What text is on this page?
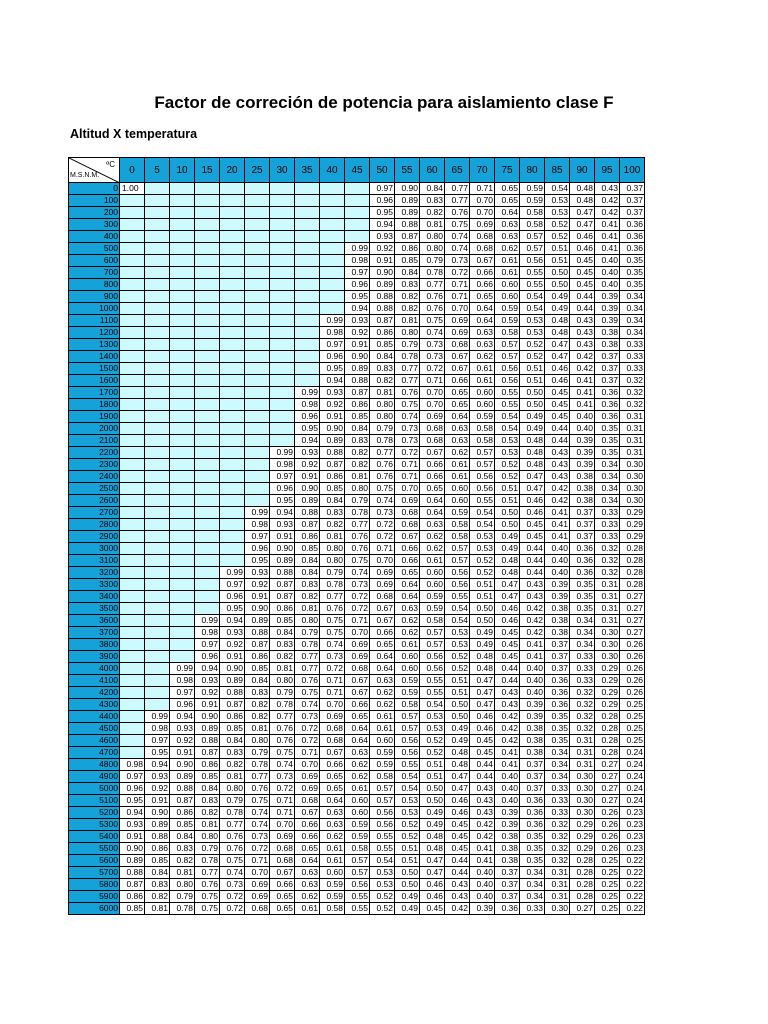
Factor de correción de potencia para aislamiento clase F
Altitud X temperatura
ºC
M.S.N.M.	0	5	10	15	20	25	30	35	40	45	50	55	60	65	70	75	80	85	90	95	100
0	1.00										0.97	0.90	0.84	0.77	0.71	0.65	0.59	0.54	0.48	0.43	0.37
100											0.96	0.89	0.83	0.77	0.70	0.65	0.59	0.53	0.48	0.42	0.37
200											0.95	0.89	0.82	0.76	0.70	0.64	0.58	0.53	0.47	0.42	0.37
300											0.94	0.88	0.81	0.75	0.69	0.63	0.58	0.52	0.47	0.41	0.36
400											0.93	0.87	0.80	0.74	0.68	0.63	0.57	0.52	0.46	0.41	0.36
500										0.99	0.92	0.86	0.80	0.74	0.68	0.62	0.57	0.51	0.46	0.41	0.36
600										0.98	0.91	0.85	0.79	0.73	0.67	0.61	0.56	0.51	0.45	0.40	0.35
700										0.97	0.90	0.84	0.78	0.72	0.66	0.61	0.55	0.50	0.45	0.40	0.35
800										0.96	0.89	0.83	0.77	0.71	0.66	0.60	0.55	0.50	0.45	0.40	0.35
900										0.95	0.88	0.82	0.76	0.71	0.65	0.60	0.54	0.49	0.44	0.39	0.34
1000										0.94	0.88	0.82	0.76	0.70	0.64	0.59	0.54	0.49	0.44	0.39	0.34
1100									0.99	0.93	0.87	0.81	0.75	0.69	0.64	0.59	0.53	0.48	0.43	0.39	0.34
1200									0.98	0.92	0.86	0.80	0.74	0.69	0.63	0.58	0.53	0.48	0.43	0.38	0.34
1300									0.97	0.91	0.85	0.79	0.73	0.68	0.63	0.57	0.52	0.47	0.43	0.38	0.33
1400									0.96	0.90	0.84	0.78	0.73	0.67	0.62	0.57	0.52	0.47	0.42	0.37	0.33
1500									0.95	0.89	0.83	0.77	0.72	0.67	0.61	0.56	0.51	0.46	0.42	0.37	0.33
1600									0.94	0.88	0.82	0.77	0.71	0.66	0.61	0.56	0.51	0.46	0.41	0.37	0.32
1700								0.99	0.93	0.87	0.81	0.76	0.70	0.65	0.60	0.55	0.50	0.45	0.41	0.36	0.32
1800								0.98	0.92	0.86	0.80	0.75	0.70	0.65	0.60	0.55	0.50	0.45	0.41	0.36	0.32
1900								0.96	0.91	0.85	0.80	0.74	0.69	0.64	0.59	0.54	0.49	0.45	0.40	0.36	0.31
2000								0.95	0.90	0.84	0.79	0.73	0.68	0.63	0.58	0.54	0.49	0.44	0.40	0.35	0.31
2100								0.94	0.89	0.83	0.78	0.73	0.68	0.63	0.58	0.53	0.48	0.44	0.39	0.35	0.31
2200							0.99	0.93	0.88	0.82	0.77	0.72	0.67	0.62	0.57	0.53	0.48	0.43	0.39	0.35	0.31
2300							0.98	0.92	0.87	0.82	0.76	0.71	0.66	0.61	0.57	0.52	0.48	0.43	0.39	0.34	0.30
2400							0.97	0.91	0.86	0.81	0.76	0.71	0.66	0.61	0.56	0.52	0.47	0.43	0.38	0.34	0.30
2500							0.96	0.90	0.85	0.80	0.75	0.70	0.65	0.60	0.56	0.51	0.47	0.42	0.38	0.34	0.30
2600							0.95	0.89	0.84	0.79	0.74	0.69	0.64	0.60	0.55	0.51	0.46	0.42	0.38	0.34	0.30
2700						0.99	0.94	0.88	0.83	0.78	0.73	0.68	0.64	0.59	0.54	0.50	0.46	0.41	0.37	0.33	0.29
2800						0.98	0.93	0.87	0.82	0.77	0.72	0.68	0.63	0.58	0.54	0.50	0.45	0.41	0.37	0.33	0.29
2900						0.97	0.91	0.86	0.81	0.76	0.72	0.67	0.62	0.58	0.53	0.49	0.45	0.41	0.37	0.33	0.29
3000						0.96	0.90	0.85	0.80	0.76	0.71	0.66	0.62	0.57	0.53	0.49	0.44	0.40	0.36	0.32	0.28
3100						0.95	0.89	0.84	0.80	0.75	0.70	0.66	0.61	0.57	0.52	0.48	0.44	0.40	0.36	0.32	0.28
3200					0.99	0.93	0.88	0.84	0.79	0.74	0.69	0.65	0.60	0.56	0.52	0.48	0.44	0.40	0.36	0.32	0.28
3300					0.97	0.92	0.87	0.83	0.78	0.73	0.69	0.64	0.60	0.56	0.51	0.47	0.43	0.39	0.35	0.31	0.28
3400					0.96	0.91	0.87	0.82	0.77	0.72	0.68	0.64	0.59	0.55	0.51	0.47	0.43	0.39	0.35	0.31	0.27
3500					0.95	0.90	0.86	0.81	0.76	0.72	0.67	0.63	0.59	0.54	0.50	0.46	0.42	0.38	0.35	0.31	0.27
3600				0.99	0.94	0.89	0.85	0.80	0.75	0.71	0.67	0.62	0.58	0.54	0.50	0.46	0.42	0.38	0.34	0.31	0.27
3700				0.98	0.93	0.88	0.84	0.79	0.75	0.70	0.66	0.62	0.57	0.53	0.49	0.45	0.42	0.38	0.34	0.30	0.27
3800				0.97	0.92	0.87	0.83	0.78	0.74	0.69	0.65	0.61	0.57	0.53	0.49	0.45	0.41	0.37	0.34	0.30	0.26
3900				0.96	0.91	0.86	0.82	0.77	0.73	0.69	0.64	0.60	0.56	0.52	0.48	0.45	0.41	0.37	0.33	0.30	0.26
4000			0.99	0.94	0.90	0.85	0.81	0.77	0.72	0.68	0.64	0.60	0.56	0.52	0.48	0.44	0.40	0.37	0.33	0.29	0.26
4100			0.98	0.93	0.89	0.84	0.80	0.76	0.71	0.67	0.63	0.59	0.55	0.51	0.47	0.44	0.40	0.36	0.33	0.29	0.26
4200			0.97	0.92	0.88	0.83	0.79	0.75	0.71	0.67	0.62	0.59	0.55	0.51	0.47	0.43	0.40	0.36	0.32	0.29	0.26
4300			0.96	0.91	0.87	0.82	0.78	0.74	0.70	0.66	0.62	0.58	0.54	0.50	0.47	0.43	0.39	0.36	0.32	0.29	0.25
4400		0.99	0.94	0.90	0.86	0.82	0.77	0.73	0.69	0.65	0.61	0.57	0.53	0.50	0.46	0.42	0.39	0.35	0.32	0.28	0.25
4500		0.98	0.93	0.89	0.85	0.81	0.76	0.72	0.68	0.64	0.61	0.57	0.53	0.49	0.46	0.42	0.38	0.35	0.32	0.28	0.25
4600		0.97	0.92	0.88	0.84	0.80	0.76	0.72	0.68	0.64	0.60	0.56	0.52	0.49	0.45	0.42	0.38	0.35	0.31	0.28	0.25
4700		0.95	0.91	0.87	0.83	0.79	0.75	0.71	0.67	0.63	0.59	0.56	0.52	0.48	0.45	0.41	0.38	0.34	0.31	0.28	0.24
4800	0.98	0.94	0.90	0.86	0.82	0.78	0.74	0.70	0.66	0.62	0.59	0.55	0.51	0.48	0.44	0.41	0.37	0.34	0.31	0.27	0.24
4900	0.97	0.93	0.89	0.85	0.81	0.77	0.73	0.69	0.65	0.62	0.58	0.54	0.51	0.47	0.44	0.40	0.37	0.34	0.30	0.27	0.24
5000	0.96	0.92	0.88	0.84	0.80	0.76	0.72	0.69	0.65	0.61	0.57	0.54	0.50	0.47	0.43	0.40	0.37	0.33	0.30	0.27	0.24
5100	0.95	0.91	0.87	0.83	0.79	0.75	0.71	0.68	0.64	0.60	0.57	0.53	0.50	0.46	0.43	0.40	0.36	0.33	0.30	0.27	0.24
5200	0.94	0.90	0.86	0.82	0.78	0.74	0.71	0.67	0.63	0.60	0.56	0.53	0.49	0.46	0.43	0.39	0.36	0.33	0.30	0.26	0.23
5300	0.93	0.89	0.85	0.81	0.77	0.74	0.70	0.66	0.63	0.59	0.56	0.52	0.49	0.45	0.42	0.39	0.36	0.32	0.29	0.26	0.23
5400	0.91	0.88	0.84	0.80	0.76	0.73	0.69	0.66	0.62	0.59	0.55	0.52	0.48	0.45	0.42	0.38	0.35	0.32	0.29	0.26	0.23
5500	0.90	0.86	0.83	0.79	0.76	0.72	0.68	0.65	0.61	0.58	0.55	0.51	0.48	0.45	0.41	0.38	0.35	0.32	0.29	0.26	0.23
5600	0.89	0.85	0.82	0.78	0.75	0.71	0.68	0.64	0.61	0.57	0.54	0.51	0.47	0.44	0.41	0.38	0.35	0.32	0.28	0.25	0.22
5700	0.88	0.84	0.81	0.77	0.74	0.70	0.67	0.63	0.60	0.57	0.53	0.50	0.47	0.44	0.40	0.37	0.34	0.31	0.28	0.25	0.22
5800	0.87	0.83	0.80	0.76	0.73	0.69	0.66	0.63	0.59	0.56	0.53	0.50	0.46	0.43	0.40	0.37	0.34	0.31	0.28	0.25	0.22
5900	0.86	0.82	0.79	0.75	0.72	0.69	0.65	0.62	0.59	0.55	0.52	0.49	0.46	0.43	0.40	0.37	0.34	0.31	0.28	0.25	0.22
6000	0.85	0.81	0.78	0.75	0.72	0.68	0.65	0.61	0.58	0.55	0.52	0.49	0.45	0.42	0.39	0.36	0.33	0.30	0.27	0.25	0.22
